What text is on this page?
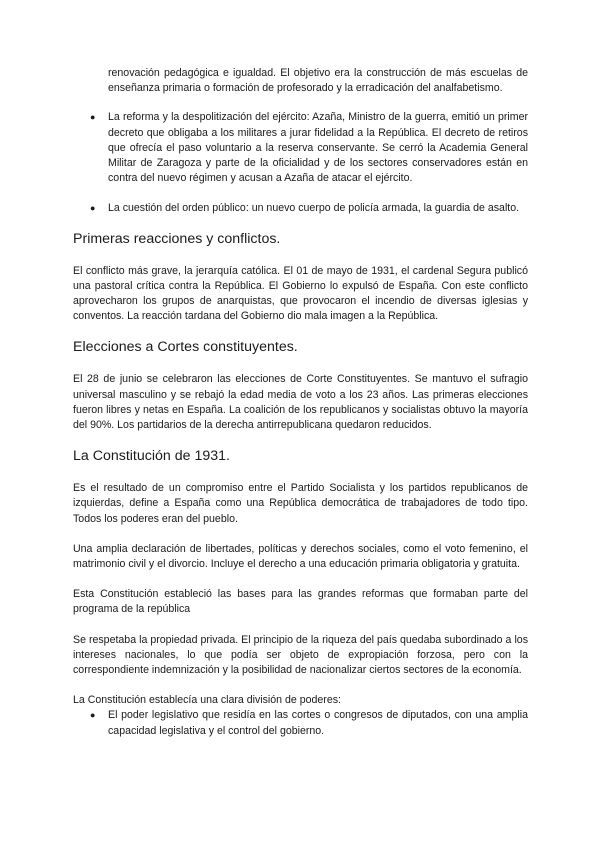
renovación pedagógica e igualdad. El objetivo era la construcción de más escuelas de enseñanza primaria o formación de profesorado y la erradicación del analfabetismo.

● La reforma y la despolitización del ejército: Azaña, Ministro de la guerra, emitió un primer decreto que obligaba a los militares a jurar fidelidad a la República. El decreto de retiros que ofrecía el paso voluntario a la reserva conservante. Se cerró la Academia General Militar de Zaragoza y parte de la oficialidad y de los sectores conservadores están en contra del nuevo régimen y acusan a Azaña de atacar el ejército.
● La cuestión del orden público: un nuevo cuerpo de policía armada, la guardia de asalto.
Primeras reacciones y conflictos.

El conflicto más grave, la jerarquía católica. El 01 de mayo de 1931, el cardenal Segura publicó una pastoral crítica contra la República. El Gobierno lo expulsó de España. Con este conflicto aprovecharon los grupos de anarquistas, que provocaron el incendio de diversas iglesias y conventos. La reacción tardana del Gobierno dio mala imagen a la República.

Elecciones a Cortes constituyentes.

El 28 de junio se celebraron las elecciones de Corte Constituyentes. Se mantuvo el sufragio universal masculino y se rebajó la edad media de voto a los 23 años. Las primeras elecciones fueron libres y netas en España. La coalición de los republicanos y socialistas obtuvo la mayoría del 90%. Los partidarios de la derecha antirrepublicana quedaron reducidos.

La Constitución de 1931.

Es el resultado de un compromiso entre el Partido Socialista y los partidos republicanos de izquierdas, define a España como una República democrática de trabajadores de todo tipo. Todos los poderes eran del pueblo.

Una amplia declaración de libertades, políticas y derechos sociales, como el voto femenino, el matrimonio civil y el divorcio. Incluye el derecho a una educación primaria obligatoria y gratuita.

Esta Constitución estableció las bases para las grandes reformas que formaban parte del programa de la república

Se respetaba la propiedad privada. El principio de la riqueza del país quedaba subordinado a los intereses nacionales, lo que podía ser objeto de expropiación forzosa, pero con la correspondiente indemnización y la posibilidad de nacionalizar ciertos sectores de la economía.

La Constitución establecía una clara división de poderes:

● El poder legislativo que residía en las cortes o congresos de diputados, con una amplia capacidad legislativa y el control del gobierno.
